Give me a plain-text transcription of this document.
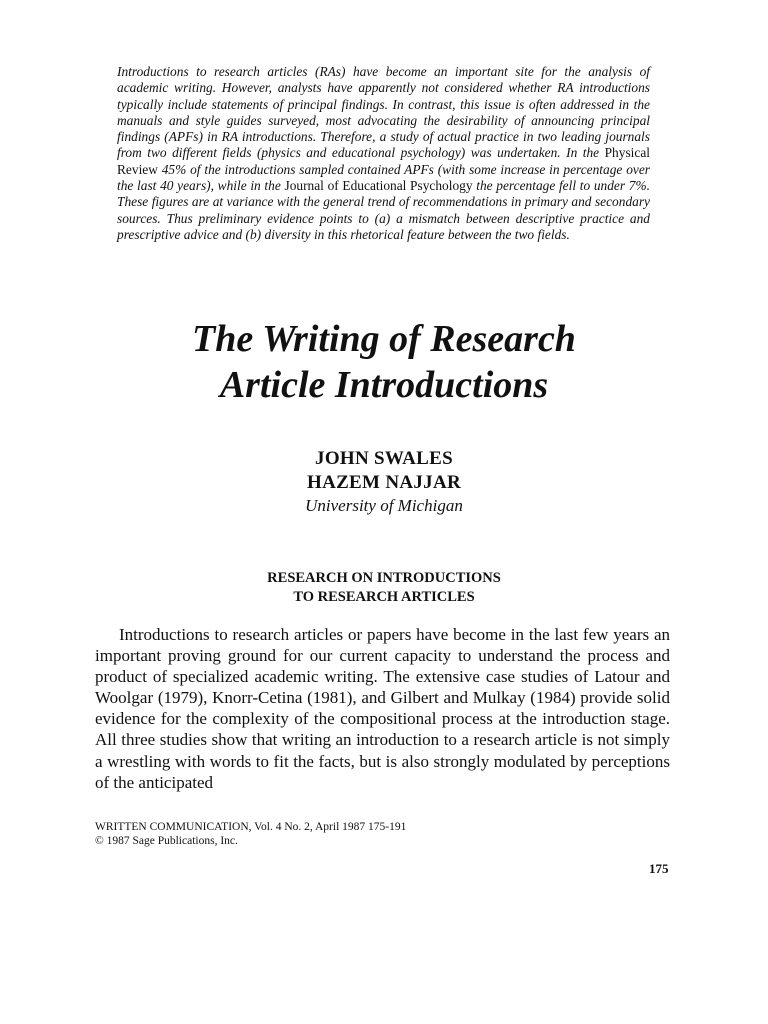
Introductions to research articles (RAs) have become an important site for the analysis of academic writing. However, analysts have apparently not considered whether RA introductions typically include statements of principal findings. In contrast, this issue is often addressed in the manuals and style guides surveyed, most advocating the desirability of announcing principal findings (APFs) in RA introductions. Therefore, a study of actual practice in two leading journals from two different fields (physics and educational psychology) was undertaken. In the Physical Review 45% of the introductions sampled contained APFs (with some increase in percentage over the last 40 years), while in the Journal of Educational Psychology the percentage fell to under 7%. These figures are at variance with the general trend of recommendations in primary and secondary sources. Thus preliminary evidence points to (a) a mismatch between descriptive practice and prescriptive advice and (b) diversity in this rhetorical feature between the two fields.

The Writing of Research
Article Introductions
JOHN SWALES
HAZEM NAJJAR
University of Michigan
RESEARCH ON INTRODUCTIONS
TO RESEARCH ARTICLES

Introductions to research articles or papers have become in the last few years an important proving ground for our current capacity to understand the process and product of specialized academic writing. The extensive case studies of Latour and Woolgar (1979), Knorr-Cetina (1981), and Gilbert and Mulkay (1984) provide solid evidence for the complexity of the compositional process at the introduction stage. All three studies show that writing an introduction to a research article is not simply a wrestling with words to fit the facts, but is also strongly modulated by perceptions of the anticipated

WRITTEN COMMUNICATION, Vol. 4 No. 2, April 1987 175-191
© 1987 Sage Publications, Inc.
175
